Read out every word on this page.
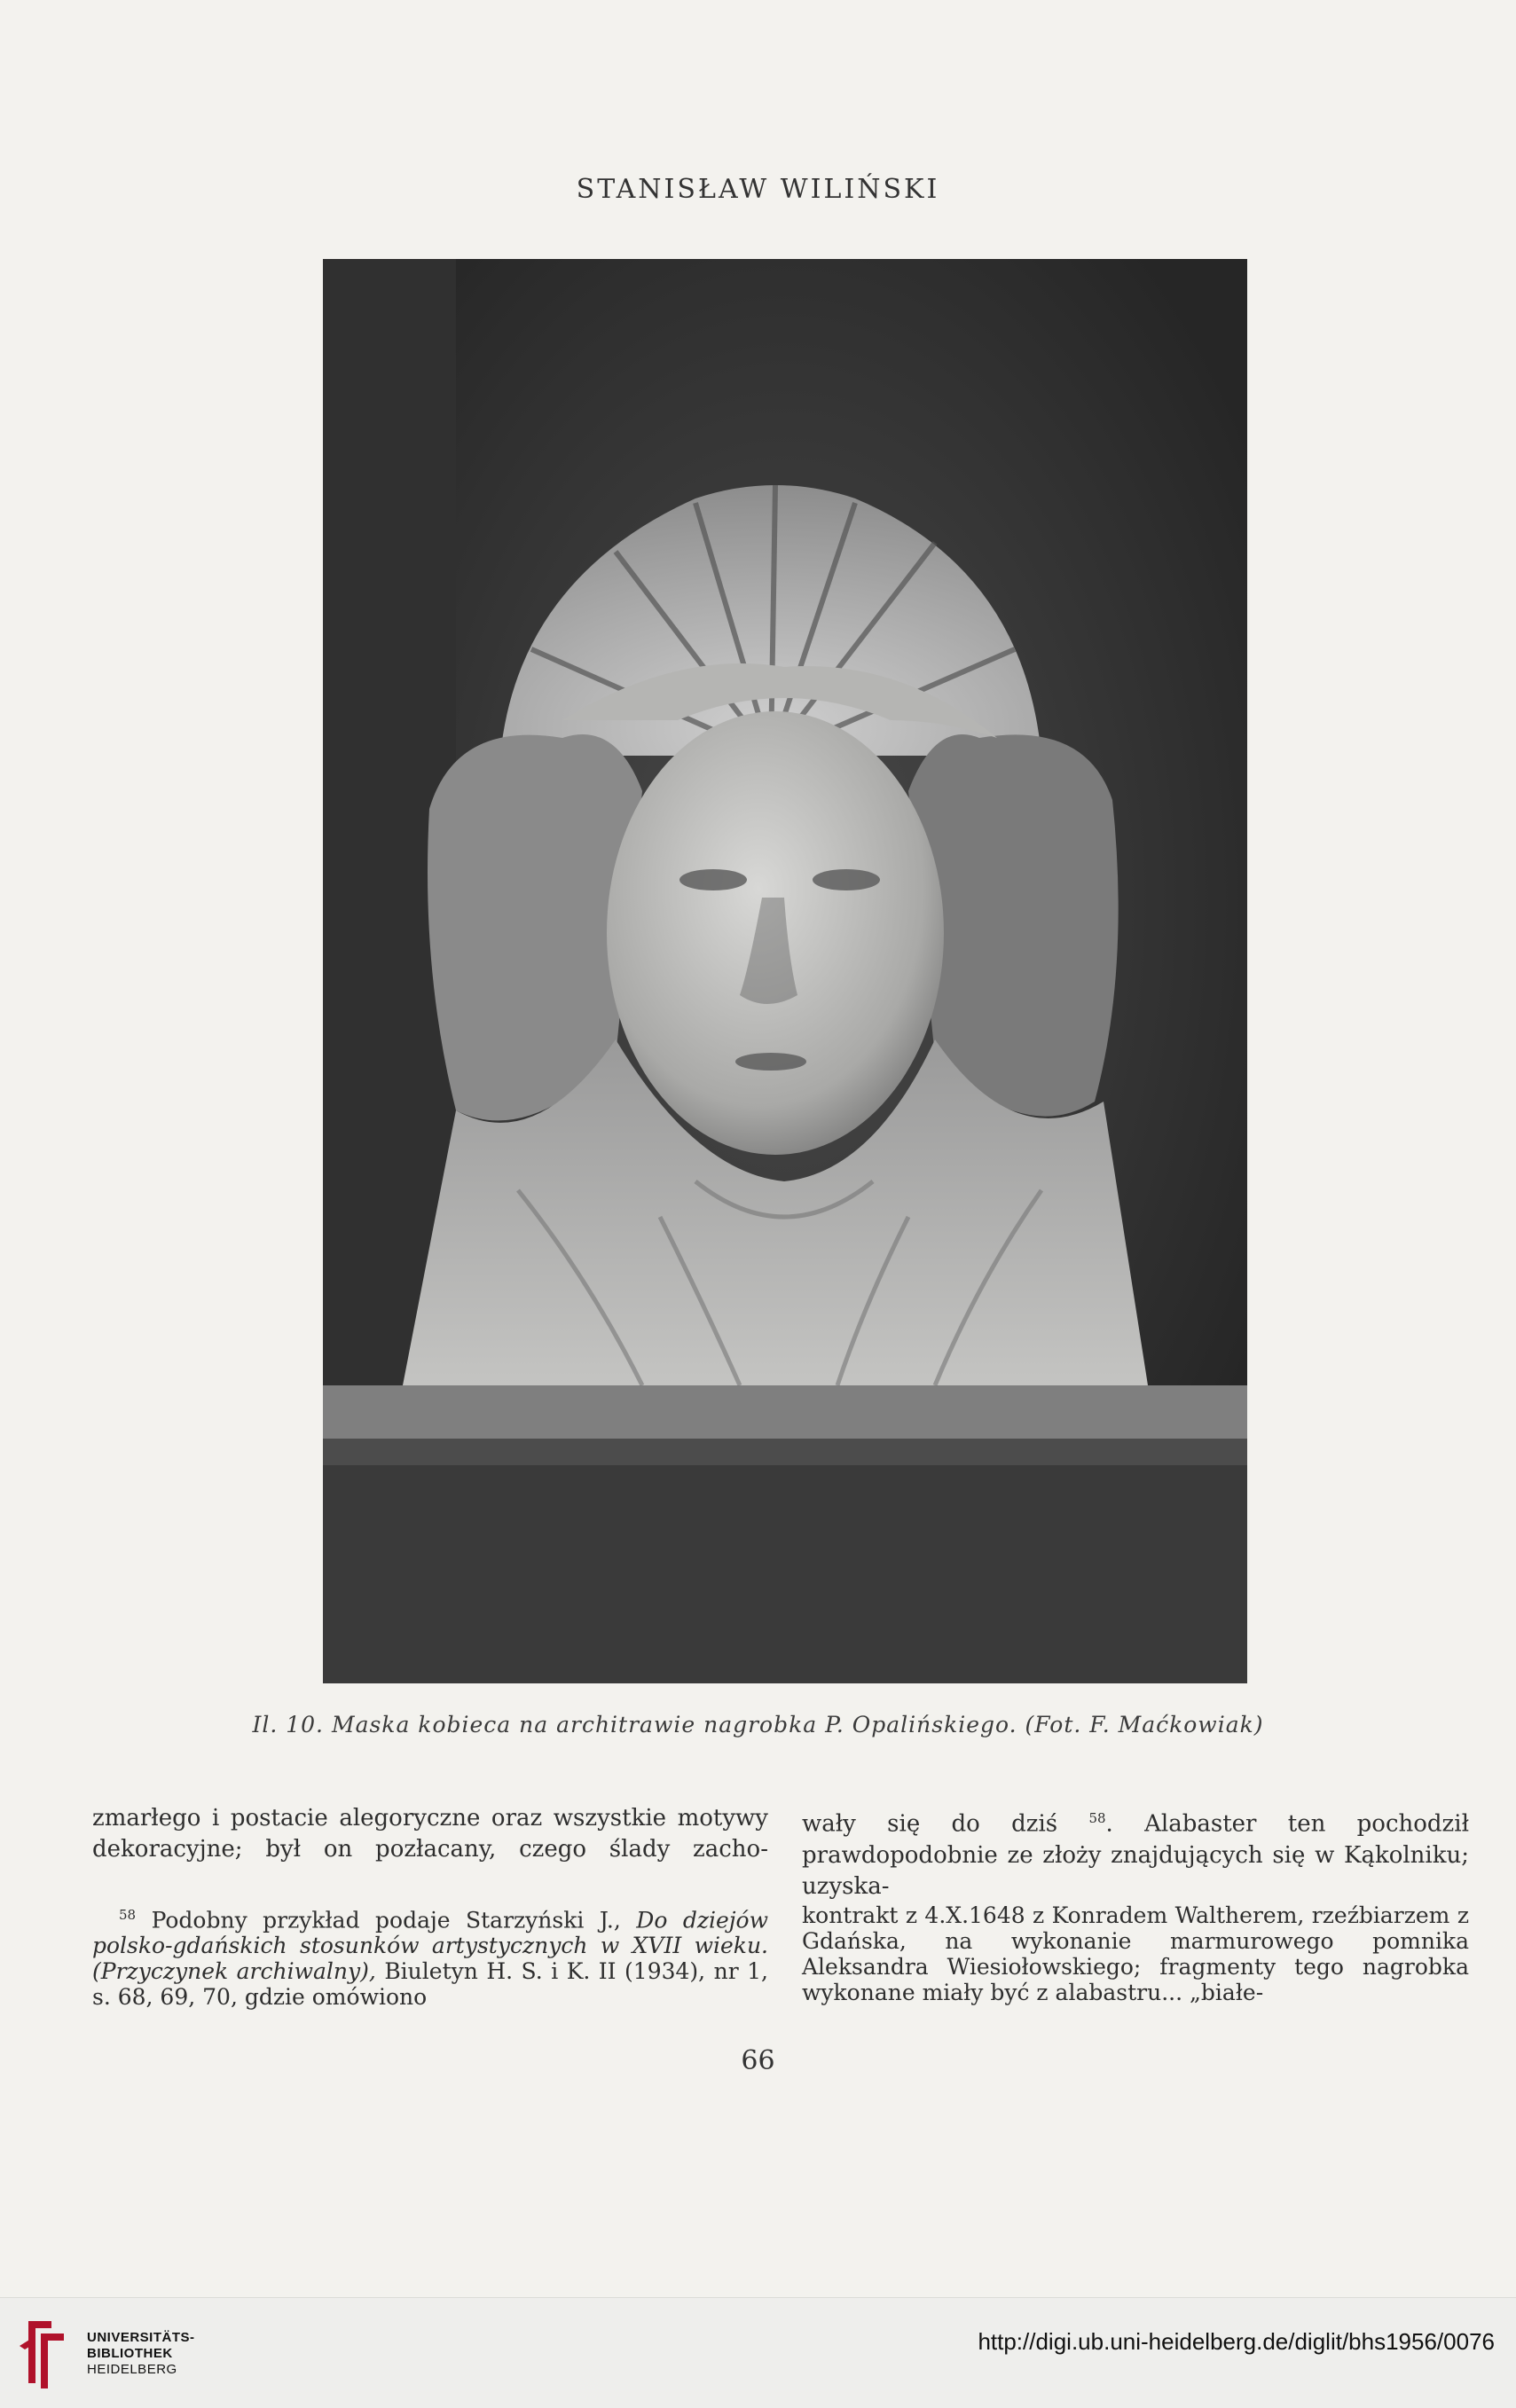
STANISŁAW WILIŃSKI
Il. 10. Maska kobieca na architrawie nagrobka P. Opalińskiego. (Fot. F. Maćkowiak)

zmarłego i postacie alegoryczne oraz wszystkie motywy dekoracyjne; był on pozłacany, czego ślady zacho-

wały się do dziś $^{58}$. Alabaster ten pochodził prawdopodobnie ze złoży znajdujących się w Kąkolniku; uzyska-

$^{58}$ Podobny przykład podaje Starzyński J., Do dziejów polsko-gdańskich stosunków artystycznych w XVII wieku. (Przyczynek archiwalny), Biuletyn H. S. i K. II (1934), nr 1, s. 68, 69, 70, gdzie omówiono

kontrakt z 4.X.1648 z Konradem Waltherem, rzeźbiarzem z Gdańska, na wykonanie marmurowego pomnika Aleksandra Wiesiołowskiego; fragmenty tego nagrobka wykonane miały być z alabastru... „białe-

66
UNIVERSITÄTS-
BIBLIOTHEK
HEIDELBERG
http://digi.ub.uni-heidelberg.de/diglit/bhs1956/0076
